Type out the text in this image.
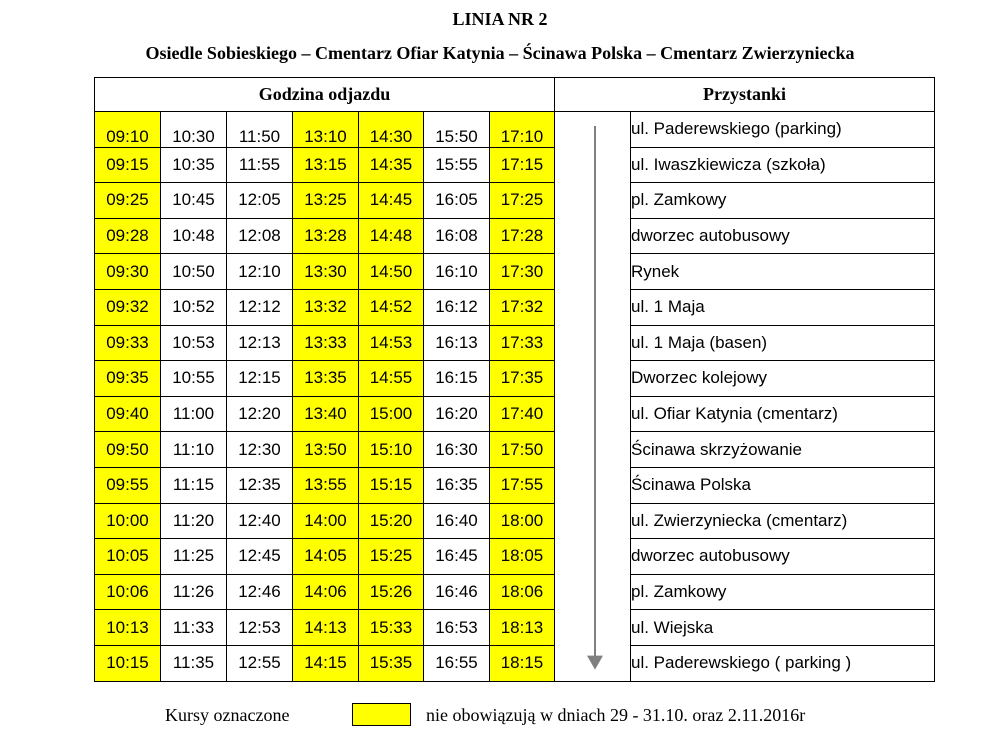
LINIA NR 2
Osiedle Sobieskiego – Cmentarz Ofiar Katynia – Ścinawa Polska – Cmentarz Zwierzyniecka
Godzina odjazdu							Przystanki	
09:10	10:30	11:50	13:10	14:30	15:50	17:10		ul. Paderewskiego (parking)
09:15	10:35	11:55	13:15	14:35	15:55	17:15		ul. Iwaszkiewicza (szkoła)
09:25	10:45	12:05	13:25	14:45	16:05	17:25		pl. Zamkowy
09:28	10:48	12:08	13:28	14:48	16:08	17:28		dworzec autobusowy
09:30	10:50	12:10	13:30	14:50	16:10	17:30		Rynek
09:32	10:52	12:12	13:32	14:52	16:12	17:32		ul. 1 Maja
09:33	10:53	12:13	13:33	14:53	16:13	17:33		ul. 1 Maja (basen)
09:35	10:55	12:15	13:35	14:55	16:15	17:35		Dworzec kolejowy
09:40	11:00	12:20	13:40	15:00	16:20	17:40		ul. Ofiar Katynia (cmentarz)
09:50	11:10	12:30	13:50	15:10	16:30	17:50		Ścinawa skrzyżowanie
09:55	11:15	12:35	13:55	15:15	16:35	17:55		Ścinawa Polska
10:00	11:20	12:40	14:00	15:20	16:40	18:00		ul. Zwierzyniecka (cmentarz)
10:05	11:25	12:45	14:05	15:25	16:45	18:05		dworzec autobusowy
10:06	11:26	12:46	14:06	15:26	16:46	18:06		pl. Zamkowy
10:13	11:33	12:53	14:13	15:33	16:53	18:13		ul. Wiejska
10:15	11:35	12:55	14:15	15:35	16:55	18:15		ul. Paderewskiego ( parking )
Kursy oznaczone	nie obowiązują w dniach 29 - 31.10. oraz 2.11.2016r
